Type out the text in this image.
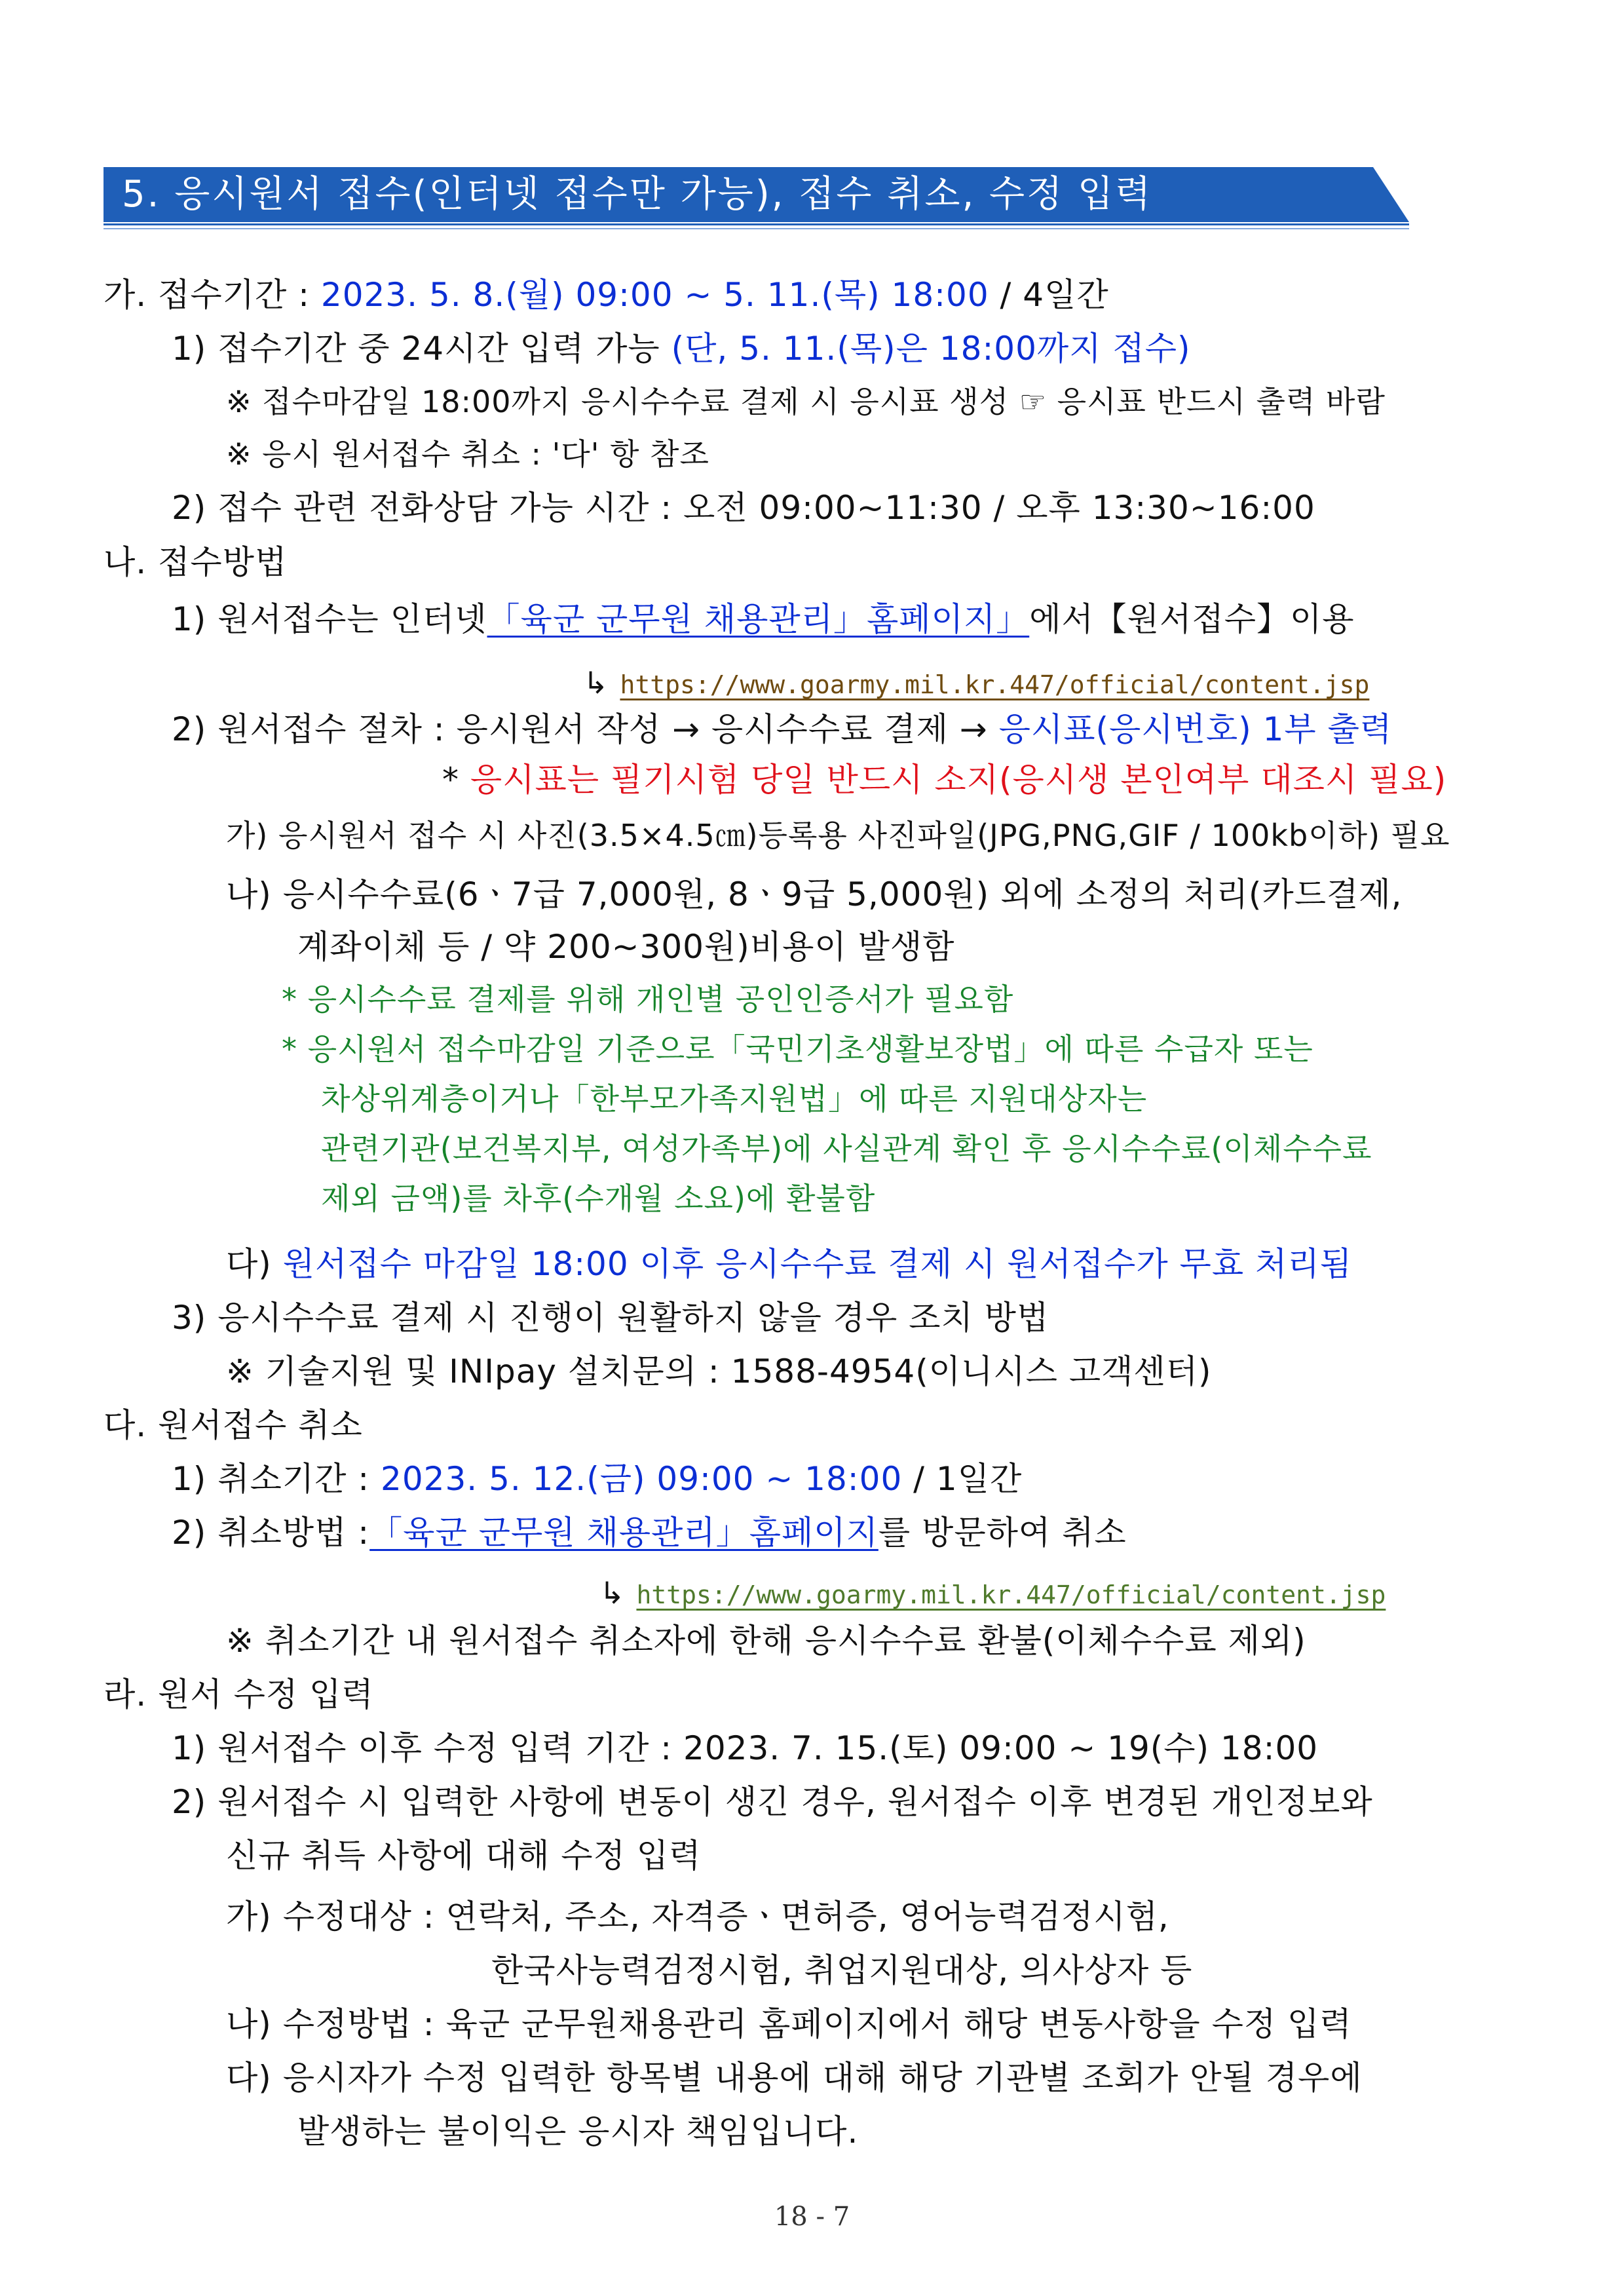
5. 응시원서 접수(인터넷 접수만 가능), 접수 취소, 수정 입력
가. 접수기간 : 2023. 5. 8.(월) 09:00 ~ 5. 11.(목) 18:00 / 4일간
1) 접수기간 중 24시간 입력 가능 (단, 5. 11.(목)은 18:00까지 접수)
※ 접수마감일 18:00까지 응시수수료 결제 시 응시표 생성 ☞ 응시표 반드시 출력 바람
※ 응시 원서접수 취소 : '다' 항 참조
2) 접수 관련 전화상담 가능 시간 : 오전 09:00~11:30 / 오후 13:30~16:00
나. 접수방법
1) 원서접수는 인터넷「육군 군무원 채용관리」홈페이지」에서【원서접수】이용
↳ https://www.goarmy.mil.kr.447/official/content.jsp
2) 원서접수 절차 : 응시원서 작성 → 응시수수료 결제 → 응시표(응시번호) 1부 출력
* 응시표는 필기시험 당일 반드시 소지(응시생 본인여부 대조시 필요)
가) 응시원서 접수 시 사진(3.5×4.5㎝)등록용 사진파일(JPG,PNG,GIF / 100kb이하) 필요
나) 응시수수료(6ㆍ7급 7,000원, 8ㆍ9급 5,000원) 외에 소정의 처리(카드결제,
계좌이체 등 / 약 200~300원)비용이 발생함
* 응시수수료 결제를 위해 개인별 공인인증서가 필요함
* 응시원서 접수마감일 기준으로「국민기초생활보장법」에 따른 수급자 또는
차상위계층이거나「한부모가족지원법」에 따른 지원대상자는
관련기관(보건복지부, 여성가족부)에 사실관계 확인 후 응시수수료(이체수수료
제외 금액)를 차후(수개월 소요)에 환불함
다) 원서접수 마감일 18:00 이후 응시수수료 결제 시 원서접수가 무효 처리됨
3) 응시수수료 결제 시 진행이 원활하지 않을 경우 조치 방법
※ 기술지원 및 INIpay 설치문의 : 1588-4954(이니시스 고객센터)
다. 원서접수 취소
1) 취소기간 : 2023. 5. 12.(금) 09:00 ~ 18:00 / 1일간
2) 취소방법 :「육군 군무원 채용관리」홈페이지를 방문하여 취소
↳ https://www.goarmy.mil.kr.447/official/content.jsp
※ 취소기간 내 원서접수 취소자에 한해 응시수수료 환불(이체수수료 제외)
라. 원서 수정 입력
1) 원서접수 이후 수정 입력 기간 : 2023. 7. 15.(토) 09:00 ~ 19(수) 18:00
2) 원서접수 시 입력한 사항에 변동이 생긴 경우, 원서접수 이후 변경된 개인정보와
신규 취득 사항에 대해 수정 입력
가) 수정대상 : 연락처, 주소, 자격증ㆍ면허증, 영어능력검정시험,
한국사능력검정시험, 취업지원대상, 의사상자 등
나) 수정방법 : 육군 군무원채용관리 홈페이지에서 해당 변동사항을 수정 입력
다) 응시자가 수정 입력한 항목별 내용에 대해 해당 기관별 조회가 안될 경우에
발생하는 불이익은 응시자 책임입니다.
18 - 7
